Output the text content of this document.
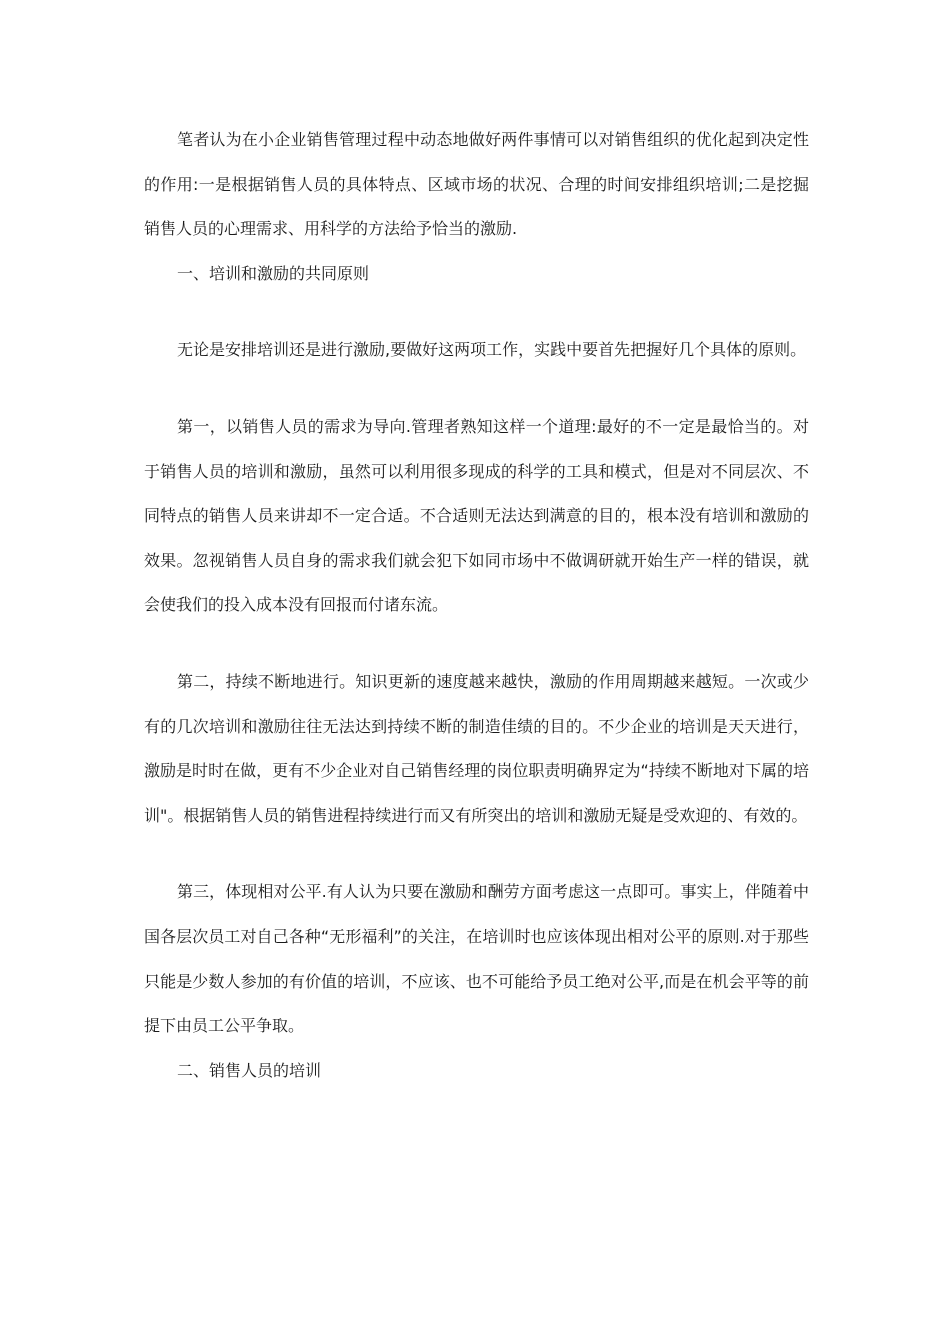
笔者认为在小企业销售管理过程中动态地做好两件事情可以对销售组织的优化起到决定性的作用:一是根据销售人员的具体特点、区域市场的状况、合理的时间安排组织培训;二是挖掘销售人员的心理需求、用科学的方法给予恰当的激励.

一、培训和激励的共同原则

无论是安排培训还是进行激励,要做好这两项工作，实践中要首先把握好几个具体的原则。

第一，以销售人员的需求为导向.管理者熟知这样一个道理:最好的不一定是最恰当的。对于销售人员的培训和激励，虽然可以利用很多现成的科学的工具和模式，但是对不同层次、不同特点的销售人员来讲却不一定合适。不合适则无法达到满意的目的，根本没有培训和激励的效果。忽视销售人员自身的需求我们就会犯下如同市场中不做调研就开始生产一样的错误，就会使我们的投入成本没有回报而付诸东流。

第二，持续不断地进行。知识更新的速度越来越快，激励的作用周期越来越短。一次或少有的几次培训和激励往往无法达到持续不断的制造佳绩的目的。不少企业的培训是天天进行，激励是时时在做，更有不少企业对自己销售经理的岗位职责明确界定为“持续不断地对下属的培训"。根据销售人员的销售进程持续进行而又有所突出的培训和激励无疑是受欢迎的、有效的。

第三，体现相对公平.有人认为只要在激励和酬劳方面考虑这一点即可。事实上，伴随着中国各层次员工对自己各种“无形福利”的关注，在培训时也应该体现出相对公平的原则.对于那些只能是少数人参加的有价值的培训，不应该、也不可能给予员工绝对公平,而是在机会平等的前提下由员工公平争取。

二、销售人员的培训
